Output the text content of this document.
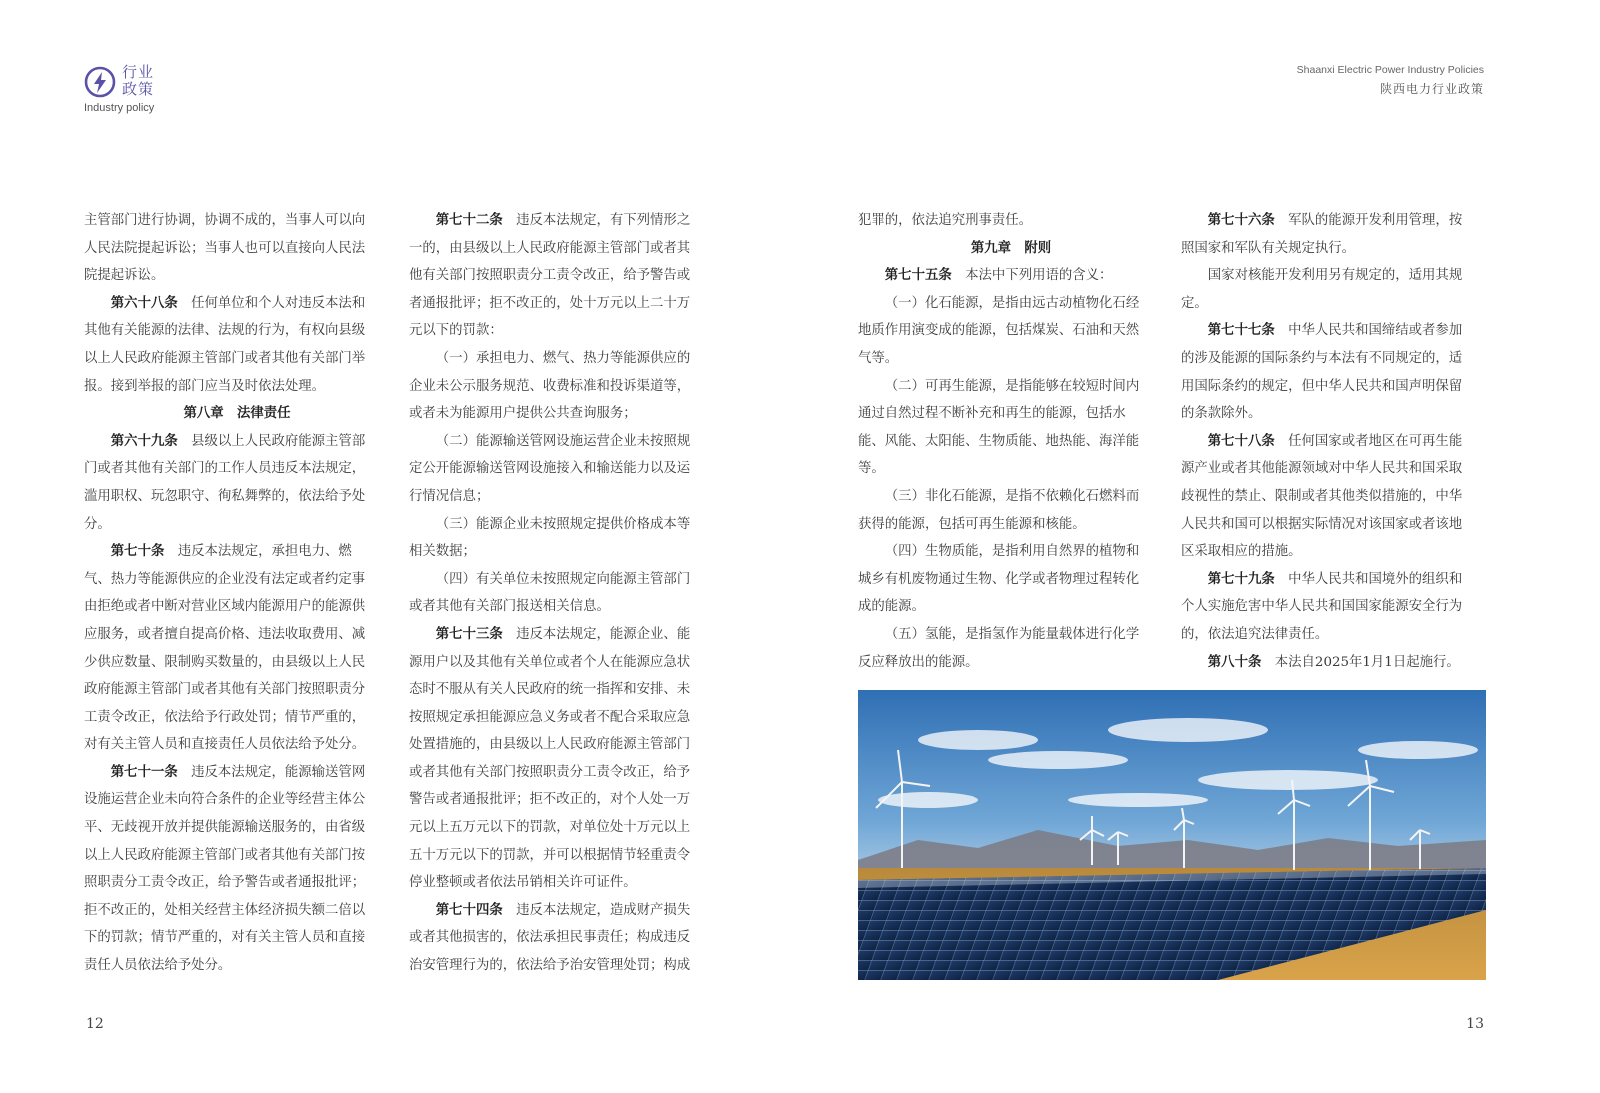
行业
政策
Industry policy
Shaanxi Electric Power Industry Policies
陕西电力行业政策
主管部门进行协调，协调不成的，当事人可以向
人民法院提起诉讼；当事人也可以直接向人民法
院提起诉讼。
第六十八条　任何单位和个人对违反本法和
其他有关能源的法律、法规的行为，有权向县级
以上人民政府能源主管部门或者其他有关部门举
报。接到举报的部门应当及时依法处理。
第八章　法律责任
第六十九条　县级以上人民政府能源主管部
门或者其他有关部门的工作人员违反本法规定，
滥用职权、玩忽职守、徇私舞弊的，依法给予处
分。
第七十条　违反本法规定，承担电力、燃
气、热力等能源供应的企业没有法定或者约定事
由拒绝或者中断对营业区域内能源用户的能源供
应服务，或者擅自提高价格、违法收取费用、减
少供应数量、限制购买数量的，由县级以上人民
政府能源主管部门或者其他有关部门按照职责分
工责令改正，依法给予行政处罚；情节严重的，
对有关主管人员和直接责任人员依法给予处分。
第七十一条　违反本法规定，能源输送管网
设施运营企业未向符合条件的企业等经营主体公
平、无歧视开放并提供能源输送服务的，由省级
以上人民政府能源主管部门或者其他有关部门按
照职责分工责令改正，给予警告或者通报批评；
拒不改正的，处相关经营主体经济损失额二倍以
下的罚款；情节严重的，对有关主管人员和直接
责任人员依法给予处分。
第七十二条　违反本法规定，有下列情形之
一的，由县级以上人民政府能源主管部门或者其
他有关部门按照职责分工责令改正，给予警告或
者通报批评；拒不改正的，处十万元以上二十万
元以下的罚款：
（一）承担电力、燃气、热力等能源供应的
企业未公示服务规范、收费标准和投诉渠道等，
或者未为能源用户提供公共查询服务；
（二）能源输送管网设施运营企业未按照规
定公开能源输送管网设施接入和输送能力以及运
行情况信息；
（三）能源企业未按照规定提供价格成本等
相关数据；
（四）有关单位未按照规定向能源主管部门
或者其他有关部门报送相关信息。
第七十三条　违反本法规定，能源企业、能
源用户以及其他有关单位或者个人在能源应急状
态时不服从有关人民政府的统一指挥和安排、未
按照规定承担能源应急义务或者不配合采取应急
处置措施的，由县级以上人民政府能源主管部门
或者其他有关部门按照职责分工责令改正，给予
警告或者通报批评；拒不改正的，对个人处一万
元以上五万元以下的罚款，对单位处十万元以上
五十万元以下的罚款，并可以根据情节轻重责令
停业整顿或者依法吊销相关许可证件。
第七十四条　违反本法规定，造成财产损失
或者其他损害的，依法承担民事责任；构成违反
治安管理行为的，依法给予治安管理处罚；构成
犯罪的，依法追究刑事责任。
第九章　附则
第七十五条　本法中下列用语的含义：
（一）化石能源，是指由远古动植物化石经
地质作用演变成的能源，包括煤炭、石油和天然
气等。
（二）可再生能源，是指能够在较短时间内
通过自然过程不断补充和再生的能源，包括水
能、风能、太阳能、生物质能、地热能、海洋能
等。
（三）非化石能源，是指不依赖化石燃料而
获得的能源，包括可再生能源和核能。
（四）生物质能，是指利用自然界的植物和
城乡有机废物通过生物、化学或者物理过程转化
成的能源。
（五）氢能，是指氢作为能量载体进行化学
反应释放出的能源。
第七十六条　军队的能源开发利用管理，按
照国家和军队有关规定执行。
国家对核能开发利用另有规定的，适用其规
定。
第七十七条　中华人民共和国缔结或者参加
的涉及能源的国际条约与本法有不同规定的，适
用国际条约的规定，但中华人民共和国声明保留
的条款除外。
第七十八条　任何国家或者地区在可再生能
源产业或者其他能源领域对中华人民共和国采取
歧视性的禁止、限制或者其他类似措施的，中华
人民共和国可以根据实际情况对该国家或者该地
区采取相应的措施。
第七十九条　中华人民共和国境外的组织和
个人实施危害中华人民共和国国家能源安全行为
的，依法追究法律责任。
第八十条　本法自2025年1月1日起施行。
12	13
